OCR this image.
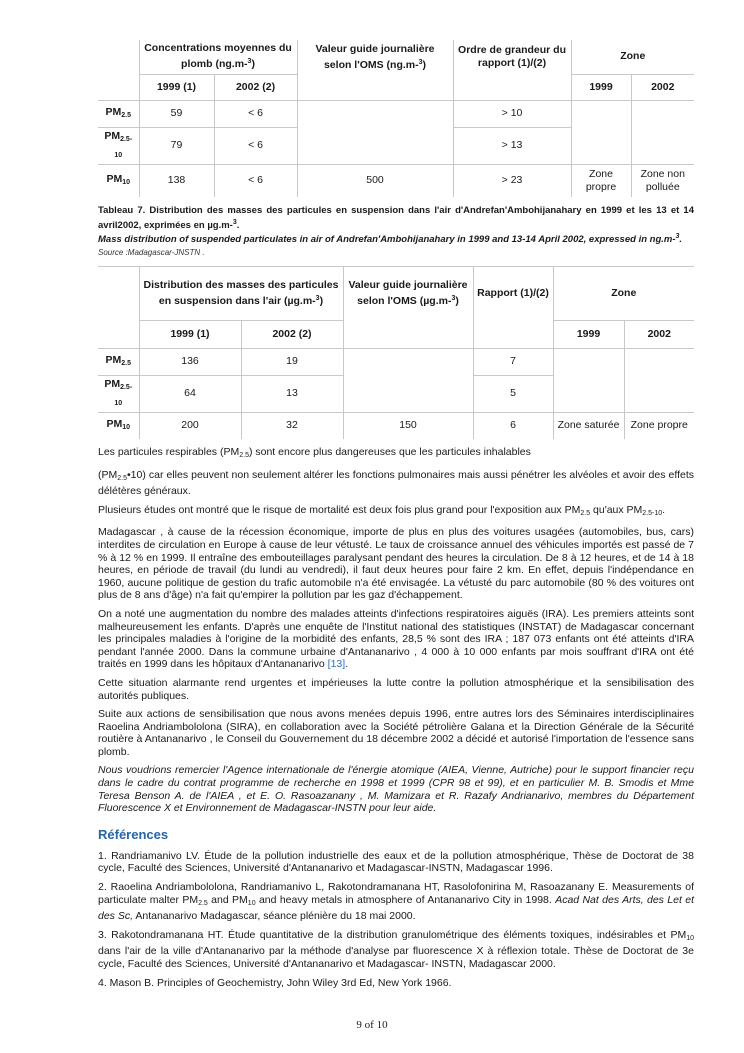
	Concentrations moyennes du plomb (ng.m-$^3$)		Valeur guide journalière selon l'OMS (ng.m-$^3$)	Ordre de grandeur du rapport (1)/(2)	Zone	
	1999 (1)	2002 (2)			1999	2002
$PM_{2.5}$	59	< 6		> 10		
$PM_{2.5-10}$	79	< 6		> 13		
$PM_{10}$	138	< 6	500	> 23	Zone propre	Zone non polluée
Tableau 7. Distribution des masses des particules en suspension dans l'air d'Andrefan'Ambohijanahary en 1999 et les 13 et 14 avril2002, exprimées en µg.m-$^3$.
Mass distribution of suspended particulates in air of Andrefan'Ambohijanahary in 1999 and 13-14 April 2002, expressed in ng.m-$^3$.
Source :Madagascar-JNSTN .
	Distribution des masses des particules en suspension dans l'air (µg.m-$^3$)		Valeur guide journalière selon l'OMS (µg.m-$^3$)	Rapport (1)/(2)	Zone	
	1999 (1)	2002 (2)			1999	2002
$PM_{2.5}$	136	19		7		
$PM_{2.5-10}$	64	13		5		
$PM_{10}$	200	32	150	6	Zone saturée	Zone propre

Les particules respirables $(PM_{2.5})$ sont encore plus dangereuses que les particules inhalables

$(PM_{2.5}•10)$ car elles peuvent non seulement altérer les fonctions pulmonaires mais aussi pénétrer les alvéoles et avoir des effets délétères généraux.

Plusieurs études ont montré que le risque de mortalité est deux fois plus grand pour l'exposition aux $PM_{2.5}$ qu'aux $PM_{2.5-10}$.

Madagascar , à cause de la récession économique, importe de plus en plus des voitures usagées (automobiles, bus, cars) interdites de circulation en Europe à cause de leur vétusté. Le taux de croissance annuel des véhicules importés est passé de 7 % à 12 % en 1999. Il entraîne des embouteillages paralysant pendant des heures la circulation. De 8 à 12 heures, et de 14 à 18 heures, en période de travail (du lundi au vendredi), il faut deux heures pour faire 2 km. En effet, depuis l'indépendance en 1960, aucune politique de gestion du trafic automobile n'a été envisagée. La vétusté du parc automobile (80 % des voitures ont plus de 8 ans d'âge) n'a fait qu'empirer la pollution par les gaz d'échappement.

On a noté une augmentation du nombre des malades atteints d'infections respiratoires aiguës (IRA). Les premiers atteints sont malheureusement les enfants. D'après une enquête de l'Institut national des statistiques (INSTAT) de Madagascar concernant les principales maladies à l'origine de la morbidité des enfants, 28,5 % sont des IRA ; 187 073 enfants ont été atteints d'IRA pendant l'année 2000. Dans la commune urbaine d'Antananarivo , 4 000 à 10 000 enfants par mois souffrant d'IRA ont été traités en 1999 dans les hôpitaux d'Antananarivo [13].

Cette situation alarmante rend urgentes et impérieuses la lutte contre la pollution atmosphérique et la sensibilisation des autorités publiques.

Suite aux actions de sensibilisation que nous avons menées depuis 1996, entre autres lors des Séminaires interdisciplinaires Raoelina Andriambololona (SIRA), en collaboration avec la Société pétrolière Galana et la Direction Générale de la Sécurité routière à Antananarivo , le Conseil du Gouvernement du 18 décembre 2002 a décidé et autorisé l'importation de l'essence sans plomb.

Nous voudrions remercier l'Agence internationale de l'énergie atomique (AIEA, Vienne, Autriche) pour le support financier reçu dans le cadre du contrat programme de recherche en 1998 et 1999 (CPR 98 et 99), et en particulier M. B. Smodis et Mme Teresa Benson A. de l'AIEA , et E. O. Rasoazanany , M. Mamizara et R. Razafy Andrianarivo, membres du Département Fluorescence X et Environnement de Madagascar-INSTN pour leur aide.

Références

1. Randriamanivo LV. Étude de la pollution industrielle des eaux et de la pollution atmosphérique, Thèse de Doctorat de 38 cycle, Faculté des Sciences, Université d'Antananarivo et Madagascar-INSTN, Madagascar 1996.

2. Raoelina Andriambololona, Randriamanivo L, Rakotondramanana HT, Rasolofonirina M, Rasoazanany E. Measurements of particulate malter $PM_{2.5}$ and $PM_{10}$ and heavy metals in atmosphere of Antananarivo City in 1998. Acad Nat des Arts, des Let et des Sc, Antananarivo Madagascar, séance plénière du 18 mai 2000.

3. Rakotondramanana HT. Étude quantitative de la distribution granulométrique des éléments toxiques, indésirables et $PM_{10}$ dans l'air de la ville d'Antananarivo par la méthode d'analyse par fluorescence X à réflexion totale. Thèse de Doctorat de 3e cycle, Faculté des Sciences, Université d'Antananarivo et Madagascar- INSTN, Madagascar 2000.

4. Mason B. Principles of Geochemistry, John Wiley 3rd Ed, New York 1966.

9 of 10
